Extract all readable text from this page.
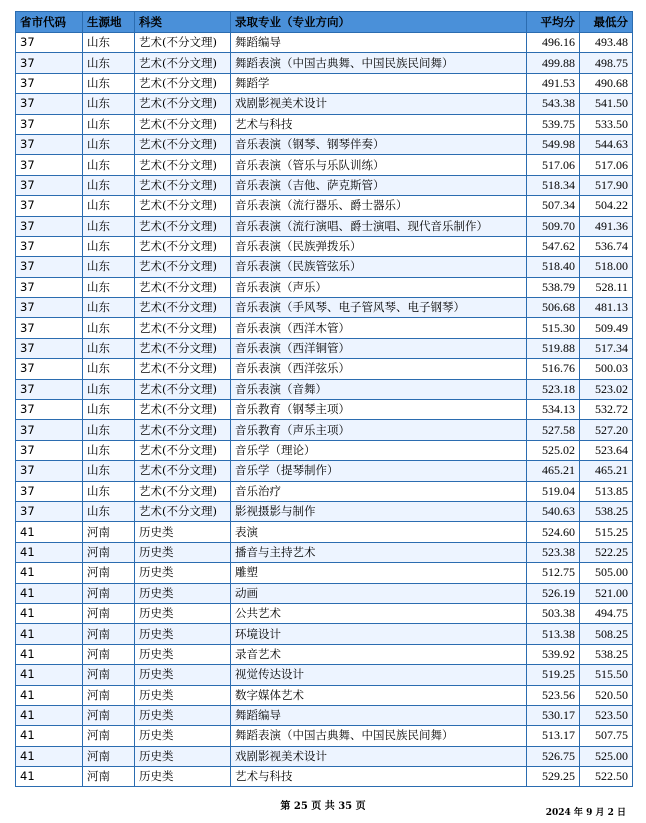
省市代码	生源地	科类	录取专业（专业方向）	平均分	最低分
37	山东	艺术(不分文理)	舞蹈编导	496.16	493.48
37	山东	艺术(不分文理)	舞蹈表演（中国古典舞、中国民族民间舞）	499.88	498.75
37	山东	艺术(不分文理)	舞蹈学	491.53	490.68
37	山东	艺术(不分文理)	戏剧影视美术设计	543.38	541.50
37	山东	艺术(不分文理)	艺术与科技	539.75	533.50
37	山东	艺术(不分文理)	音乐表演（钢琴、钢琴伴奏）	549.98	544.63
37	山东	艺术(不分文理)	音乐表演（管乐与乐队训练）	517.06	517.06
37	山东	艺术(不分文理)	音乐表演（吉他、萨克斯管）	518.34	517.90
37	山东	艺术(不分文理)	音乐表演（流行器乐、爵士器乐）	507.34	504.22
37	山东	艺术(不分文理)	音乐表演（流行演唱、爵士演唱、现代音乐制作）	509.70	491.36
37	山东	艺术(不分文理)	音乐表演（民族弹拨乐）	547.62	536.74
37	山东	艺术(不分文理)	音乐表演（民族管弦乐）	518.40	518.00
37	山东	艺术(不分文理)	音乐表演（声乐）	538.79	528.11
37	山东	艺术(不分文理)	音乐表演（手风琴、电子管风琴、电子钢琴）	506.68	481.13
37	山东	艺术(不分文理)	音乐表演（西洋木管）	515.30	509.49
37	山东	艺术(不分文理)	音乐表演（西洋铜管）	519.88	517.34
37	山东	艺术(不分文理)	音乐表演（西洋弦乐）	516.76	500.03
37	山东	艺术(不分文理)	音乐表演（音舞）	523.18	523.02
37	山东	艺术(不分文理)	音乐教育（钢琴主项）	534.13	532.72
37	山东	艺术(不分文理)	音乐教育（声乐主项）	527.58	527.20
37	山东	艺术(不分文理)	音乐学（理论）	525.02	523.64
37	山东	艺术(不分文理)	音乐学（提琴制作）	465.21	465.21
37	山东	艺术(不分文理)	音乐治疗	519.04	513.85
37	山东	艺术(不分文理)	影视摄影与制作	540.63	538.25
41	河南	历史类	表演	524.60	515.25
41	河南	历史类	播音与主持艺术	523.38	522.25
41	河南	历史类	雕塑	512.75	505.00
41	河南	历史类	动画	526.19	521.00
41	河南	历史类	公共艺术	503.38	494.75
41	河南	历史类	环境设计	513.38	508.25
41	河南	历史类	录音艺术	539.92	538.25
41	河南	历史类	视觉传达设计	519.25	515.50
41	河南	历史类	数字媒体艺术	523.56	520.50
41	河南	历史类	舞蹈编导	530.17	523.50
41	河南	历史类	舞蹈表演（中国古典舞、中国民族民间舞）	513.17	507.75
41	河南	历史类	戏剧影视美术设计	526.75	525.00
41	河南	历史类	艺术与科技	529.25	522.50
第 25 页 共 35 页
2024 年 9 月 2 日
